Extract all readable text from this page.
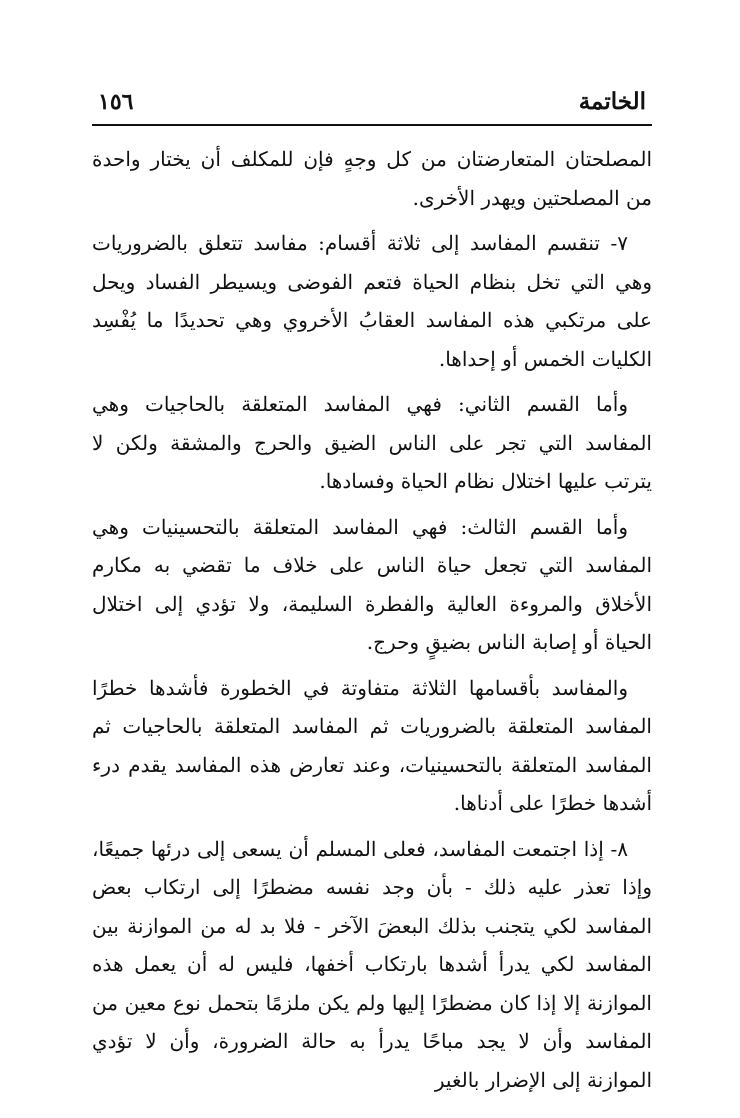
الخاتمة
١٥٦

المصلحتان المتعارضتان من كل وجهٍ فإن للمكلف أن يختار واحدة من المصلحتين ويهدر الأخرى.

٧- تنقسم المفاسد إلى ثلاثة أقسام: مفاسد تتعلق بالضروريات وهي التي تخل بنظام الحياة فتعم الفوضى ويسيطر الفساد ويحل على مرتكبي هذه المفاسد العقابُ الأخروي وهي تحديدًا ما يُفْسِد الكليات الخمس أو إحداها.

وأما القسم الثاني: فهي المفاسد المتعلقة بالحاجيات وهي المفاسد التي تجر على الناس الضيق والحرج والمشقة ولكن لا يترتب عليها اختلال نظام الحياة وفسادها.

وأما القسم الثالث: فهي المفاسد المتعلقة بالتحسينيات وهي المفاسد التي تجعل حياة الناس على خلاف ما تقضي به مكارم الأخلاق والمروءة العالية والفطرة السليمة، ولا تؤدي إلى اختلال الحياة أو إصابة الناس بضيقٍ وحرج.

والمفاسد بأقسامها الثلاثة متفاوتة في الخطورة فأشدها خطرًا المفاسد المتعلقة بالضروريات ثم المفاسد المتعلقة بالحاجيات ثم المفاسد المتعلقة بالتحسينيات، وعند تعارض هذه المفاسد يقدم درء أشدها خطرًا على أدناها.

٨- إذا اجتمعت المفاسد، فعلى المسلم أن يسعى إلى درئها جميعًا، وإذا تعذر عليه ذلك - بأن وجد نفسه مضطرًا إلى ارتكاب بعض المفاسد لكي يتجنب بذلك البعضَ الآخر - فلا بد له من الموازنة بين المفاسد لكي يدرأ أشدها بارتكاب أخفها، فليس له أن يعمل هذه الموازنة إلا إذا كان مضطرًا إليها ولم يكن ملزمًا بتحمل نوع معين من المفاسد وأن لا يجد مباحًا يدرأ به حالة الضرورة، وأن لا تؤدي الموازنة إلى الإضرار بالغير
